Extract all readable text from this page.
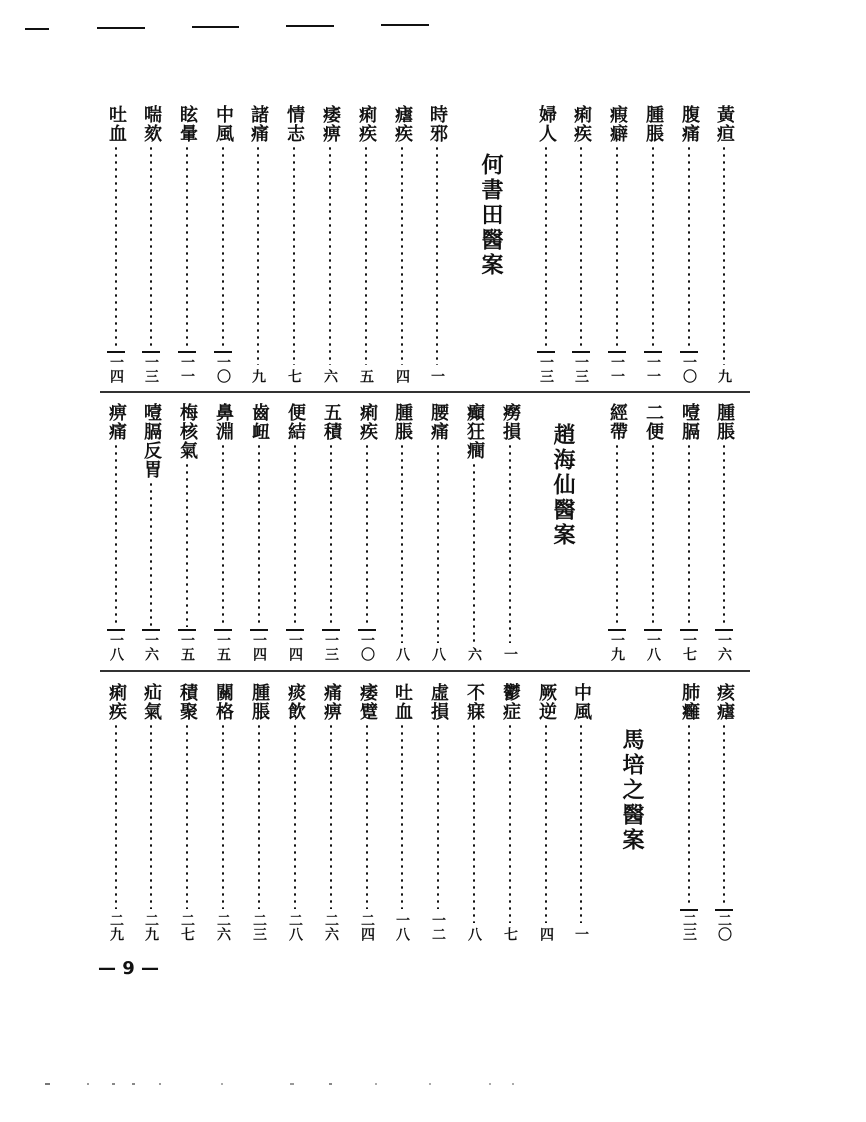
黃疸
九
腹痛
一〇
腫脹
一一
瘕癖
一一
痢疾
一三
婦人
一三
何書田醫案
時邪
一
瘧疾
四
痢疾
五
痿痹
六
情志
七
諸痛
九
中風
一〇
眩暈
一一
喘欬
一三
吐血
一四
腫脹
一六
噎膈
一七
二便
一八
經帶
一九
趙海仙醫案
癆損
一
癲狂癎
六
腰痛
八
腫脹
八
痢疾
一〇
五積
一三
便結
一四
齒衄
一四
鼻淵
一五
梅核氣
一五
噎膈反胃
一六
痹痛
一八
痎瘧
二〇
肺癰
二三
馬培之醫案
中風
一
厥逆
四
鬱症
七
不寐
八
虛損
一二
吐血
一八
痿躄
二四
痛痹
二六
痰飲
二八
腫脹
二三
關格
二六
積聚
二七
疝氣
二九
痢疾
二九
— 9 —
